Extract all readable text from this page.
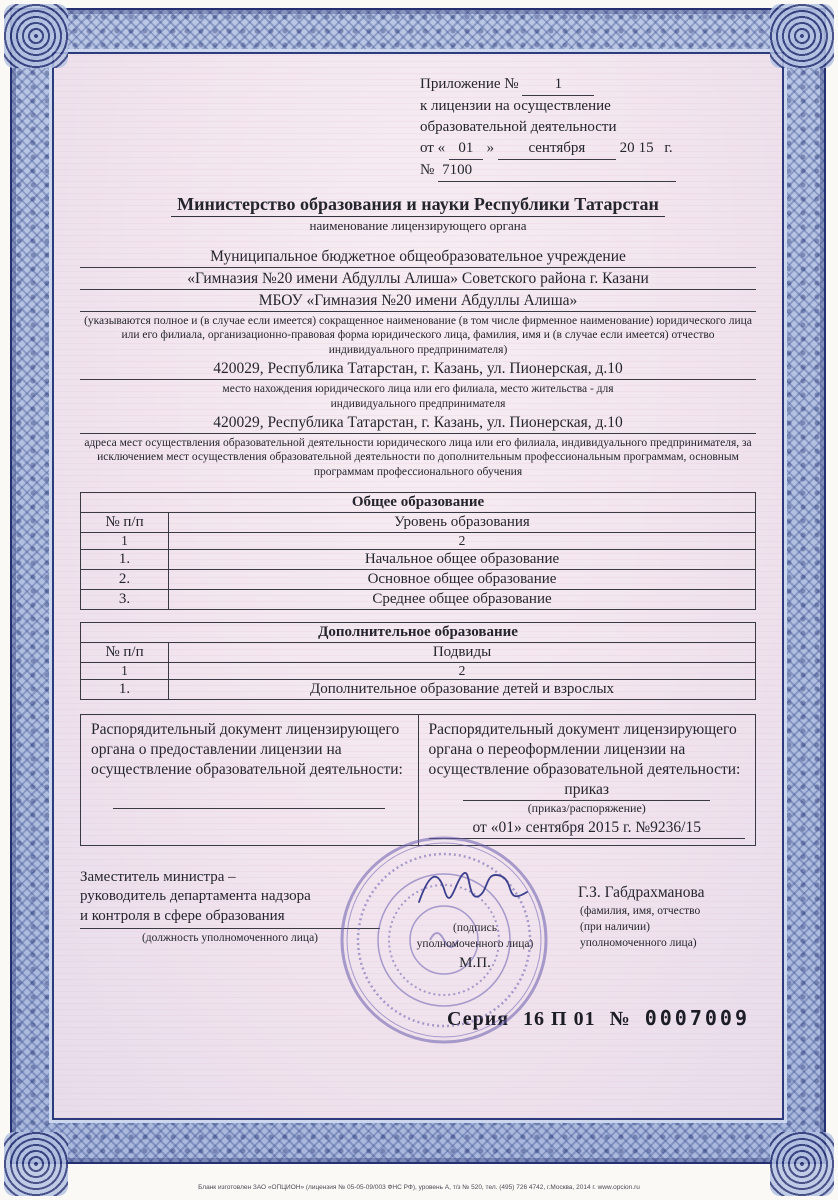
Приложение № 1
к лицензии на осуществление
образовательной деятельности
от « 01 » сентября 20 15 г.
№ 7100
Министерство образования и науки Республики Татарстан
наименование лицензирующего органа
Муниципальное бюджетное общеобразовательное учреждение
«Гимназия №20 имени Абдуллы Алиша» Советского района г. Казани
МБОУ «Гимназия №20 имени Абдуллы Алиша»
(указываются полное и (в случае если имеется) сокращенное наименование (в том числе фирменное наименование) юридического лица или его филиала, организационно-правовая форма юридического лица, фамилия, имя и (в случае если имеется) отчество индивидуального предпринимателя)
420029, Республика Татарстан, г. Казань, ул. Пионерская, д.10
место нахождения юридического лица или его филиала, место жительства - для индивидуального предпринимателя
420029, Республика Татарстан, г. Казань, ул. Пионерская, д.10
адреса мест осуществления образовательной деятельности юридического лица или его филиала, индивидуального предпринимателя, за исключением мест осуществления образовательной деятельности по дополнительным профессиональным программам, основным программам профессионального обучения
Общее образование	
№ п/п	Уровень образования
1	2
1.	Начальное общее образование
2.	Основное общее образование
3.	Среднее общее образование
Дополнительное образование	
№ п/п	Подвиды
1	2
1.	Дополнительное образование детей и взрослых
Распорядительный документ лицензирующего органа о предоставлении лицензии на осуществление образовательной деятельности:

Распорядительный документ лицензирующего органа о переоформлении лицензии на осуществление образовательной деятельности:
приказ
(приказ/распоряжение)
от «01» сентября 2015 г. №9236/15
Заместитель министра –
руководитель департамента надзора
и контроля в сфере образования
(должность уполномоченного лица)
(подпись
уполномоченного лица)
М.П.
Г.З. Габдрахманова
(фамилия, имя, отчество
(при наличии)
уполномоченного лица)
Серия 16 П 01 № 0007009
Бланк изготовлен ЗАО «ОПЦИОН» (лицензия № 05-05-09/003 ФНС РФ), уровень А, т/з № 520, тел. (495) 726 4742, г.Москва, 2014 г. www.opcion.ru
